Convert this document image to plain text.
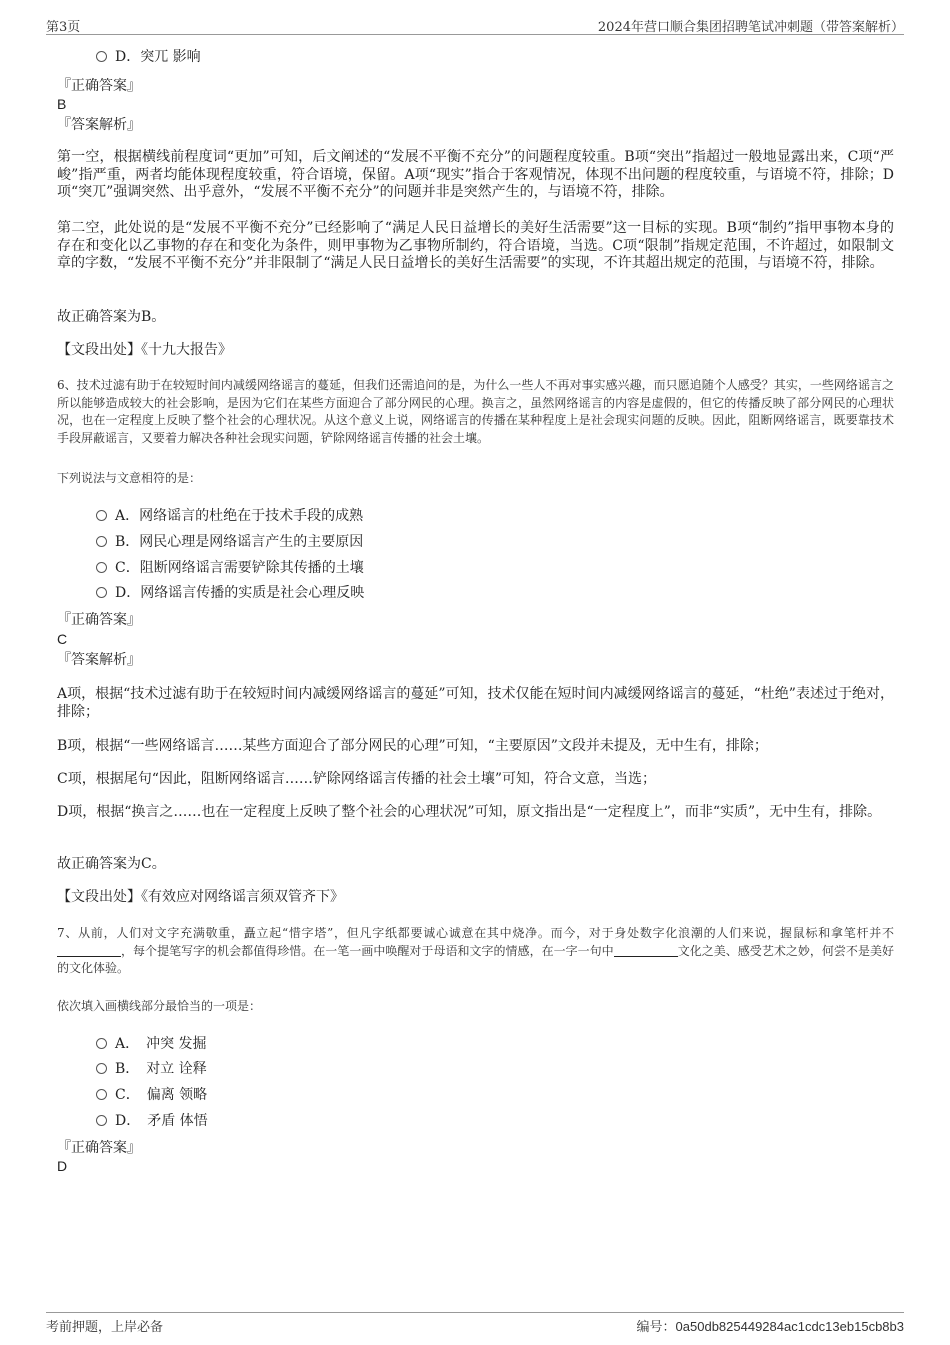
第3页	2024年营口顺合集团招聘笔试冲刺题（带答案解析）
D．突兀 影响
『正确答案』
B
『答案解析』
第一空，根据横线前程度词“更加”可知，后文阐述的“发展不平衡不充分”的问题程度较重。B项“突出”指超过一般地显露出来，C项“严峻”指严重，两者均能体现程度较重，符合语境，保留。A项“现实”指合于客观情况，体现不出问题的程度较重，与语境不符，排除；D项“突兀”强调突然、出乎意外，“发展不平衡不充分”的问题并非是突然产生的，与语境不符，排除。
第二空，此处说的是“发展不平衡不充分”已经影响了“满足人民日益增长的美好生活需要”这一目标的实现。B项“制约”指甲事物本身的存在和变化以乙事物的存在和变化为条件，则甲事物为乙事物所制约，符合语境，当选。C项“限制”指规定范围，不许超过，如限制文章的字数，“发展不平衡不充分”并非限制了“满足人民日益增长的美好生活需要”的实现，不许其超出规定的范围，与语境不符，排除。
故正确答案为B。
【文段出处】《十九大报告》
6、技术过滤有助于在较短时间内减缓网络谣言的蔓延，但我们还需追问的是，为什么一些人不再对事实感兴趣，而只愿追随个人感受？其实，一些网络谣言之所以能够造成较大的社会影响，是因为它们在某些方面迎合了部分网民的心理。换言之，虽然网络谣言的内容是虚假的，但它的传播反映了部分网民的心理状况，也在一定程度上反映了整个社会的心理状况。从这个意义上说，网络谣言的传播在某种程度上是社会现实问题的反映。因此，阻断网络谣言，既要靠技术手段屏蔽谣言，又要着力解决各种社会现实问题，铲除网络谣言传播的社会土壤。
下列说法与文意相符的是：
A．网络谣言的杜绝在于技术手段的成熟
B．网民心理是网络谣言产生的主要原因
C．阻断网络谣言需要铲除其传播的土壤
D．网络谣言传播的实质是社会心理反映
『正确答案』
C
『答案解析』
A项，根据“技术过滤有助于在较短时间内减缓网络谣言的蔓延”可知，技术仅能在短时间内减缓网络谣言的蔓延，“杜绝”表述过于绝对，排除；
B项，根据“一些网络谣言……某些方面迎合了部分网民的心理”可知，“主要原因”文段并未提及，无中生有，排除；
C项，根据尾句“因此，阻断网络谣言……铲除网络谣言传播的社会土壤”可知，符合文意，当选；
D项，根据“换言之……也在一定程度上反映了整个社会的心理状况”可知，原文指出是“一定程度上”，而非“实质”，无中生有，排除。
故正确答案为C。
【文段出处】《有效应对网络谣言须双管齐下》
7、从前，人们对文字充满敬重，矗立起“惜字塔”，但凡字纸都要诚心诚意在其中烧净。而今，对于身处数字化浪潮的人们来说，握鼠标和拿笔杆并不，每个提笔写字的机会都值得珍惜。在一笔一画中唤醒对于母语和文字的情感，在一字一句中	文化之美、感受艺术之妙，何尝不是美好的文化体验。
依次填入画横线部分最恰当的一项是：
A．　冲突 发掘
B．　对立 诠释
C．　偏离 领略
D．　矛盾 体悟
『正确答案』
D
考前押题，上岸必备	编号：0a50db825449284ac1cdc13eb15cb8b3
